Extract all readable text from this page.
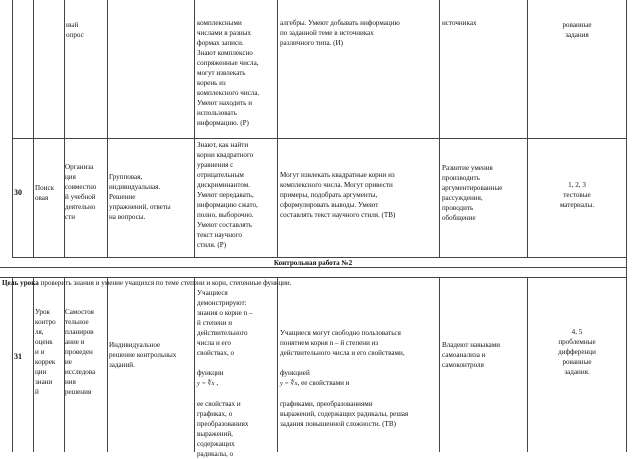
ный
опрос
комплексными
числами в разных
формах записи.
Знают комплексно
сопряженные числа,
могут извлекать
корень из
комплексного числа.
Умеют находить и
использовать
информацию. (Р)
алгебры. Умеют добывать информацию
по заданной теме в источниках
различного типа. (И)
источниках	рованные
задания
30	Поиск
овая
Организа
ция
совместно
й учебной
деятельно
сти
Групповая,
индивидуальная.
Решение
упражнений, ответы
на вопросы.
Знают, как найти
корни квадратного
уравнения с
отрицательным
дискриминантом.
Умеют передавать,
информацию сжато,
полно, выборочно.
Умеют составлять
текст научного
стиля. (Р)
Могут извлекать квадратные корни из
комплексного числа. Могут привести
примеры, подобрать аргументы,
сформулировать выводы. Умеют
составлять текст научного стиля. (ТВ)
Развитие умения
производить
аргументированные
рассуждения,
проводить
обобщение
1, 2, 3
тестовые
материалы.
Контрольная работа №2

Цель урока проверить знания и умение учащихся по теме степени и корн, степенные функции.

31
Урок
контро
ля,
оценк
и и
коррек
ции
знани
й
Самостоя
тельное
планиров
ание и
проведен
ие
исследова
ния
решения
Индивидуальное
решение контрольных
заданий.

Учащиеся
демонстрируют:
знания о корне n –
й степени и
действительного
числа и его
свойствах, о

функции
y = ∜x ,

ее свойствах и
графиках, о
преобразованиях
выражений,
содержащих
радикалы, о

Учащиеся могут свободно пользоваться
понятием корня n – й степени из
действительного числа и его свойствами,

функцией
y = ∜x, ее свойствами и

графиками, преобразованиями
выражений, содержащих радикалы, решая
задания повышенной сложности. (ТВ)

Владеют навыками
самоанализа и
самоконтроля
4, 5
проблемные
дифференци
рованные
задания.
